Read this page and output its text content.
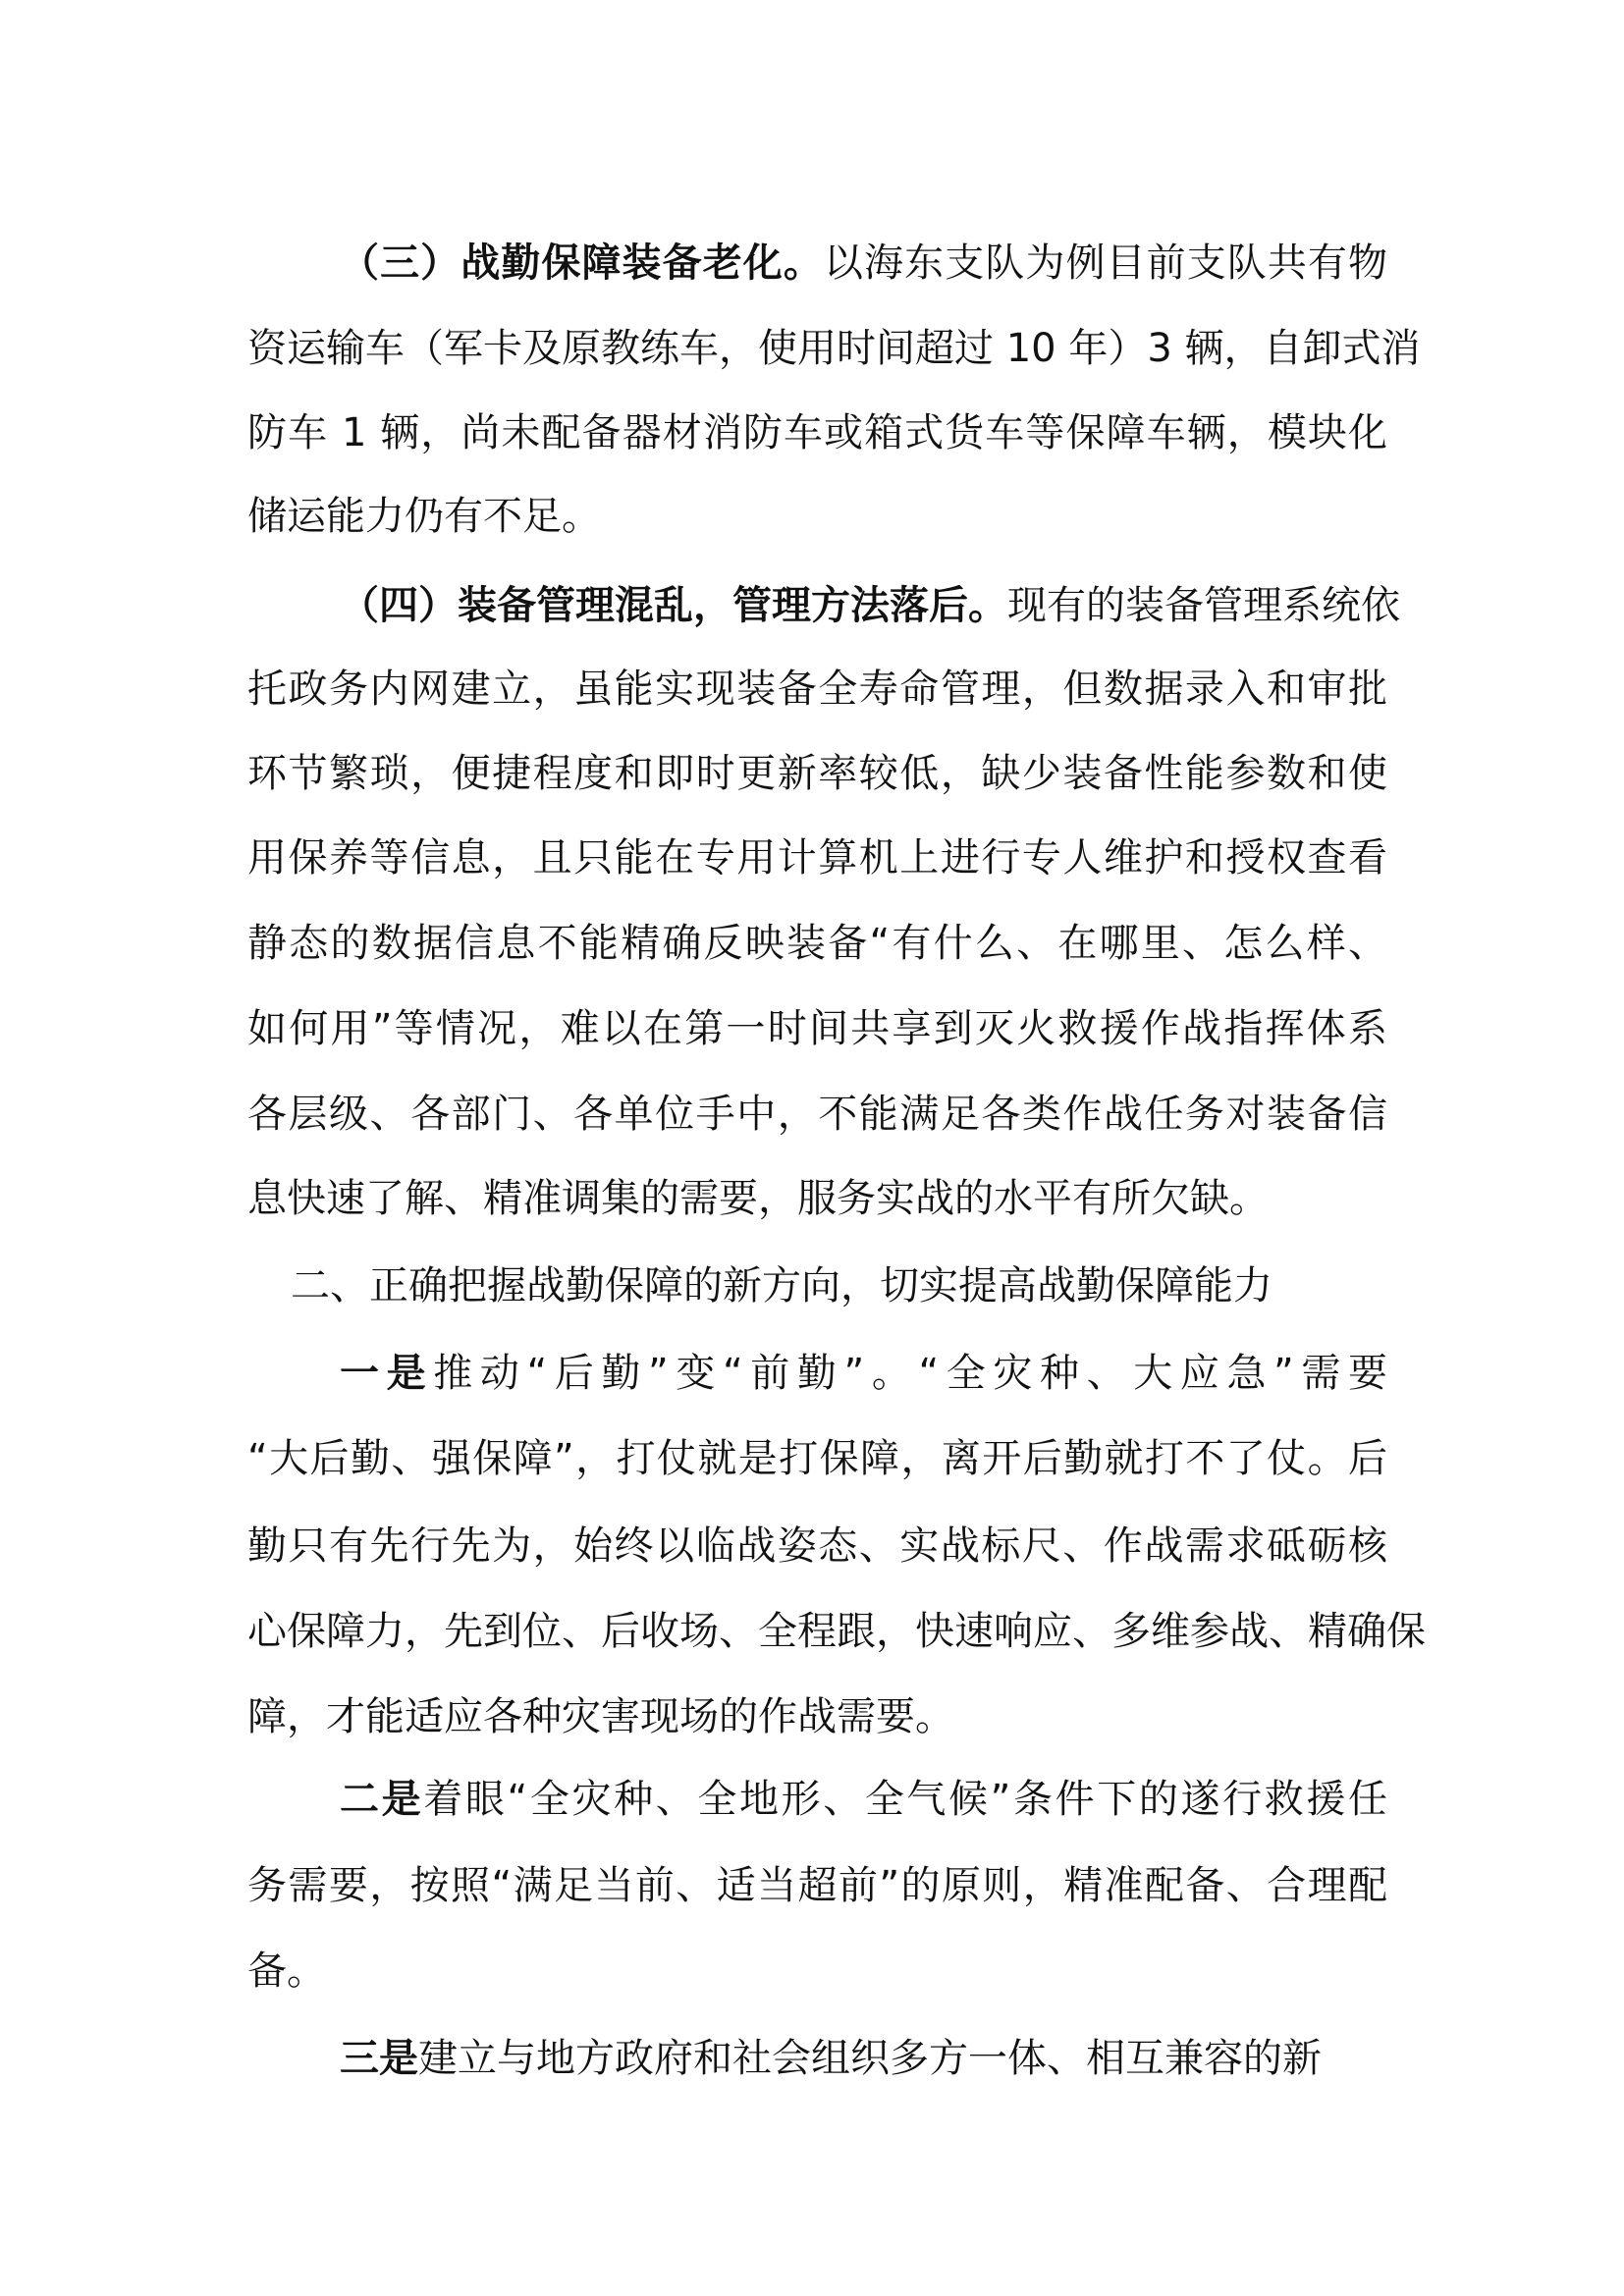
（三）战勤保障装备老化。以海东支队为例目前支队共有物
资运输车（军卡及原教练车，使用时间超过 10 年）3 辆，自卸式消
防车 1 辆，尚未配备器材消防车或箱式货车等保障车辆，模块化
储运能力仍有不足。
（四）装备管理混乱，管理方法落后。现有的装备管理系统依
托政务内网建立，虽能实现装备全寿命管理，但数据录入和审批
环节繁琐，便捷程度和即时更新率较低，缺少装备性能参数和使
用保养等信息，且只能在专用计算机上进行专人维护和授权查看
静态的数据信息不能精确反映装备“有什么、在哪里、怎么样、
如何用”等情况，难以在第一时间共享到灭火救援作战指挥体系
各层级、各部门、各单位手中，不能满足各类作战任务对装备信
息快速了解、精准调集的需要，服务实战的水平有所欠缺。
二、正确把握战勤保障的新方向，切实提高战勤保障能力
一是推动“后勤”变“前勤”。“全灾种、大应急”需要
“大后勤、强保障”，打仗就是打保障，离开后勤就打不了仗。后
勤只有先行先为，始终以临战姿态、实战标尺、作战需求砥砺核
心保障力，先到位、后收场、全程跟，快速响应、多维参战、精确保
障，才能适应各种灾害现场的作战需要。
二是着眼“全灾种、全地形、全气候”条件下的遂行救援任
务需要，按照“满足当前、适当超前”的原则，精准配备、合理配
备。
三是建立与地方政府和社会组织多方一体、相互兼容的新
